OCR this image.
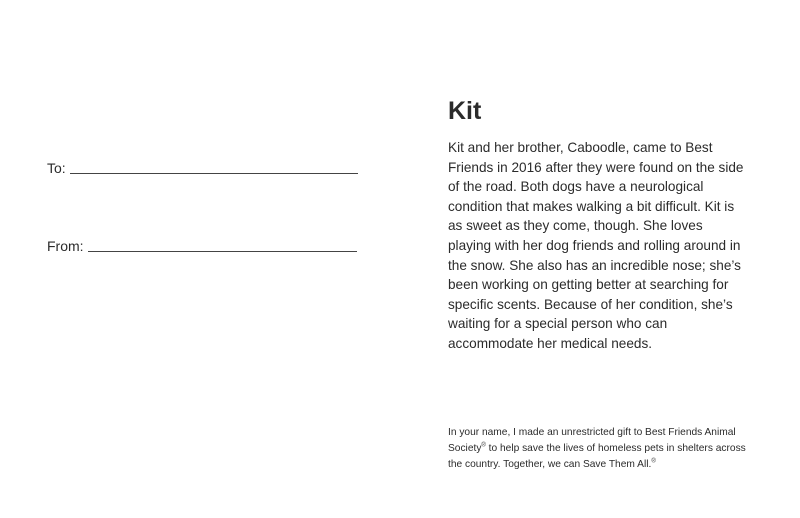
To:
From:
Kit

Kit and her brother, Caboodle, came to Best Friends in 2016 after they were found on the side of the road. Both dogs have a neurological condition that makes walking a bit difficult. Kit is as sweet as they come, though. She loves playing with her dog friends and rolling around in the snow. She also has an incredible nose; she’s been working on getting better at searching for specific scents. Because of her condition, she’s waiting for a special person who can accommodate her medical needs.

In your name, I made an unrestricted gift to Best Friends Animal Society® to help save the lives of homeless pets in shelters across the country. Together, we can Save Them All.®
